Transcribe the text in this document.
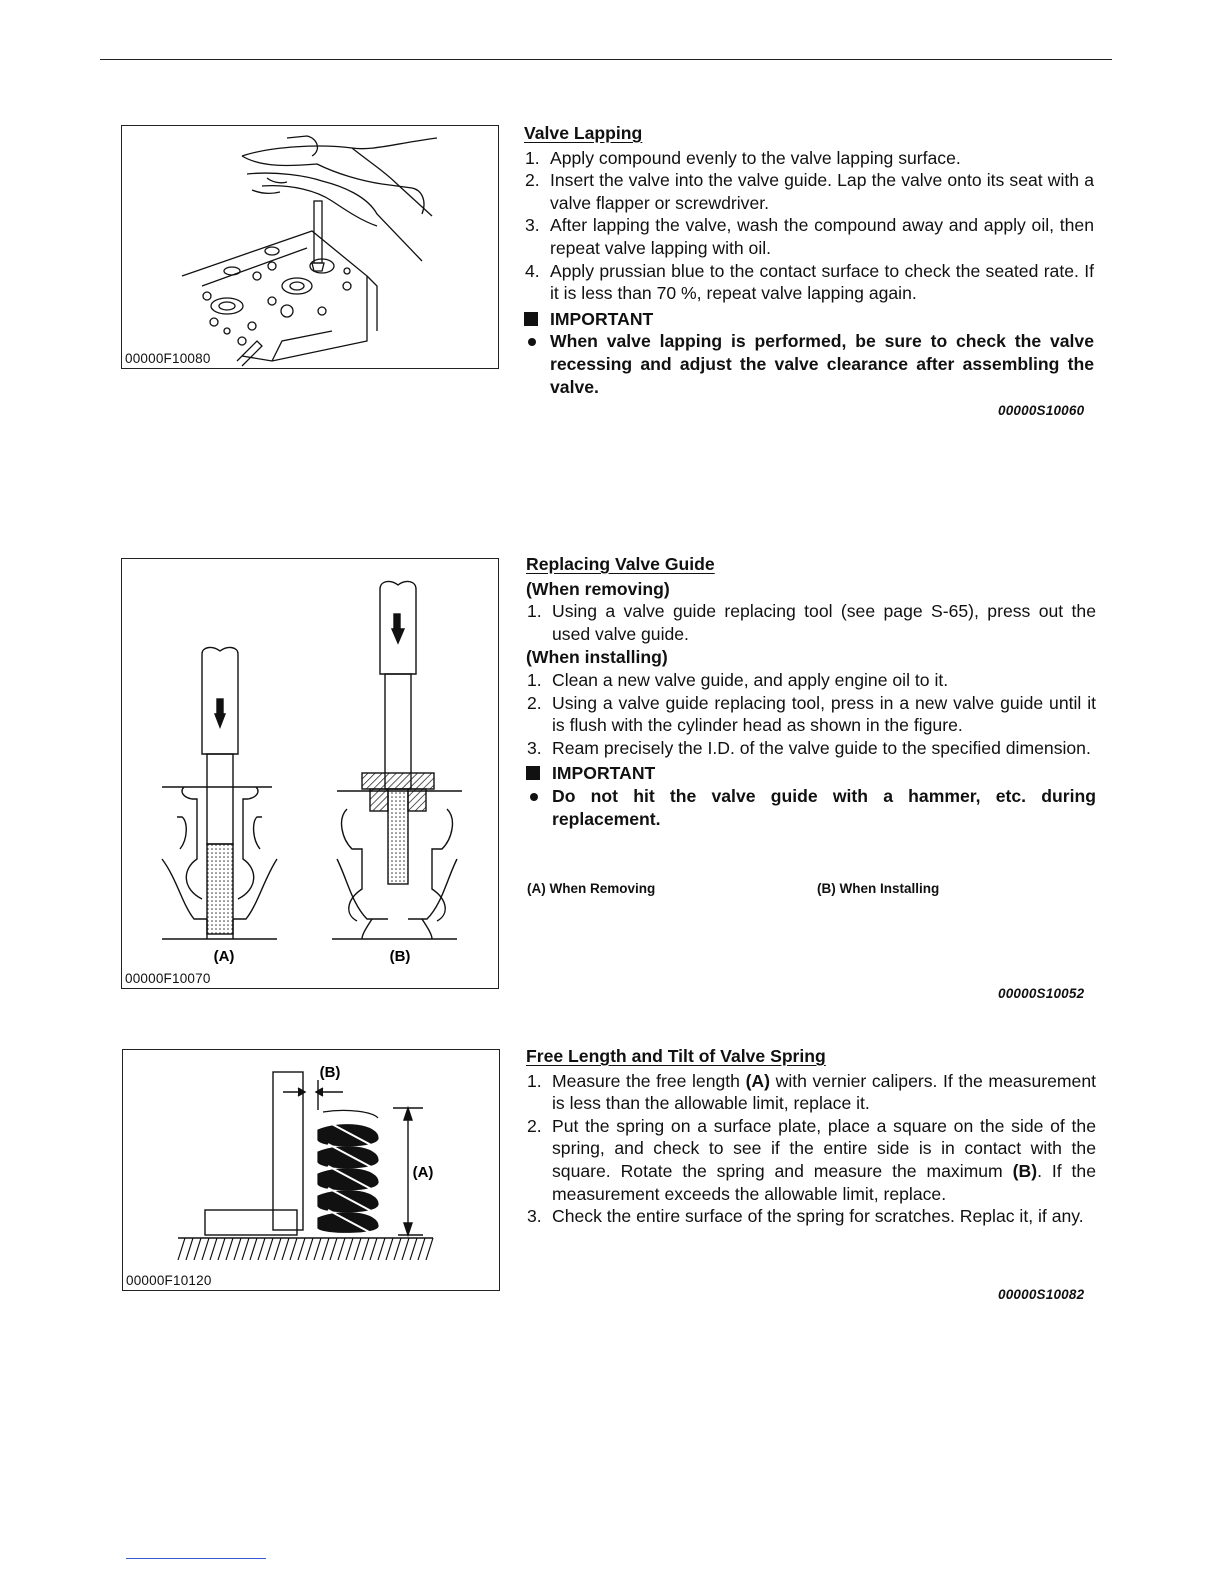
00000F10080
Valve Lapping
1. Apply compound evenly to the valve lapping surface.
2. Insert the valve into the valve guide. Lap the valve onto its seat with a valve flapper or screwdriver.
3. After lapping the valve, wash the compound away and apply oil, then repeat valve lapping with oil.
4. Apply prussian blue to the contact surface to check the seated rate. If it is less than 70 %, repeat valve lapping again.
IMPORTANT
When valve lapping is performed, be sure to check the valve recessing and adjust the valve clearance after assembling the valve.
00000S10060
(A)	(B)
00000F10070
Replacing Valve Guide
(When removing)
1. Using a valve guide replacing tool (see page S-65), press out the used valve guide.
(When installing)
1. Clean a new valve guide, and apply engine oil to it.
2. Using a valve guide replacing tool, press in a new valve guide until it is flush with the cylinder head as shown in the figure.
3. Ream precisely the I.D. of the valve guide to the specified dimension.
IMPORTANT
Do not hit the valve guide with a hammer, etc. during replacement.
(A) When Removing	(B) When Installing
00000S10052
(B)
(A)
00000F10120
Free Length and Tilt of Valve Spring
1. Measure the free length (A) with vernier calipers. If the measurement is less than the allowable limit, replace it.
2. Put the spring on a surface plate, place a square on the side of the spring, and check to see if the entire side is in contact with the square. Rotate the spring and measure the maximum (B). If the measurement exceeds the allowable limit, replace.
3. Check the entire surface of the spring for scratches. Replac it, if any.
00000S10082
